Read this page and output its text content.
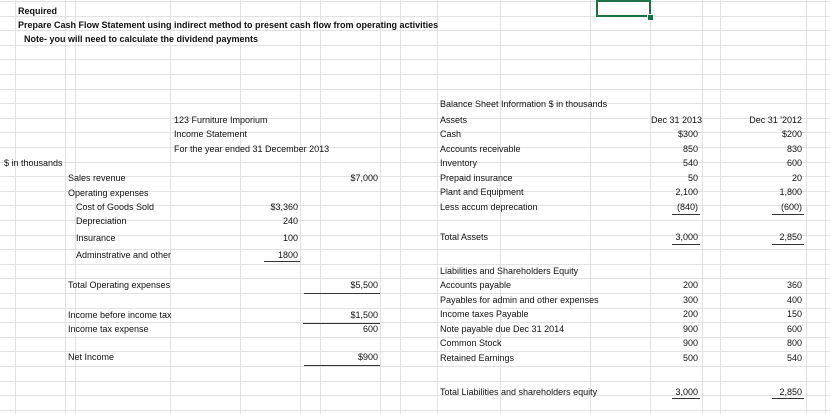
Required
Prepare Cash Flow Statement using indirect method to present cash flow from operating activities
Note- you will need to calculate the dividend payments
123 Furniture Imporium
Income Statement
For the year ended 31 December 2013
$ in thousands
Sales revenue	$7,000
Operating expenses
Cost of Goods Sold	$3,360
Depreciation	240
Insurance	100
Adminstrative and other	1800
Total Operating expenses	$5,500
Income before income tax	$1,500
Income tax expense	600
Net Income	$900
Balance Sheet Information $ in thousands
Dec 31 2013	Dec 31 '2012
Assets
Cash	$300	$200
Accounts receivable	850	830
Inventory	540	600
Prepaid insurance	50	20
Plant and Equipment	2,100	1,800
Less accum deprecation	(840)	(600)
Total Assets	3,000	2,850
Liabilities and Shareholders Equity
Accounts payable	200	360
Payables for admin and other expenses	300	400
Income taxes Payable	200	150
Note payable due Dec 31 2014	900	600
Common Stock	900	800
Retained Earnings	500	540
Total Liabilities and shareholders equity	3,000	2,850
